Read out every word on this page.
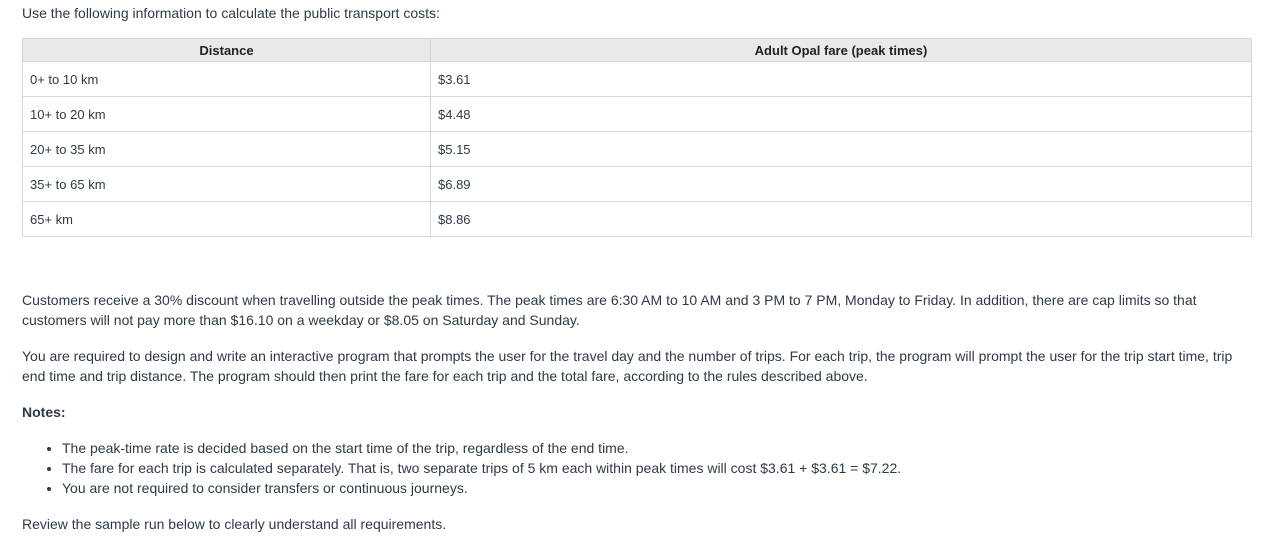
Use the following information to calculate the public transport costs:

Distance	Adult Opal fare (peak times)
0+ to 10 km	$3.61
10+ to 20 km	$4.48
20+ to 35 km	$5.15
35+ to 65 km	$6.89
65+ km	$8.86

Customers receive a 30% discount when travelling outside the peak times. The peak times are 6:30 AM to 10 AM and 3 PM to 7 PM, Monday to Friday. In addition, there are cap limits so that customers will not pay more than $16.10 on a weekday or $8.05 on Saturday and Sunday.

You are required to design and write an interactive program that prompts the user for the travel day and the number of trips. For each trip, the program will prompt the user for the trip start time, trip end time and trip distance. The program should then print the fare for each trip and the total fare, according to the rules described above.

Notes:

• The peak-time rate is decided based on the start time of the trip, regardless of the end time.
• The fare for each trip is calculated separately. That is, two separate trips of 5 km each within peak times will cost $3.61 + $3.61 = $7.22.
• You are not required to consider transfers or continuous journeys.

Review the sample run below to clearly understand all requirements.
